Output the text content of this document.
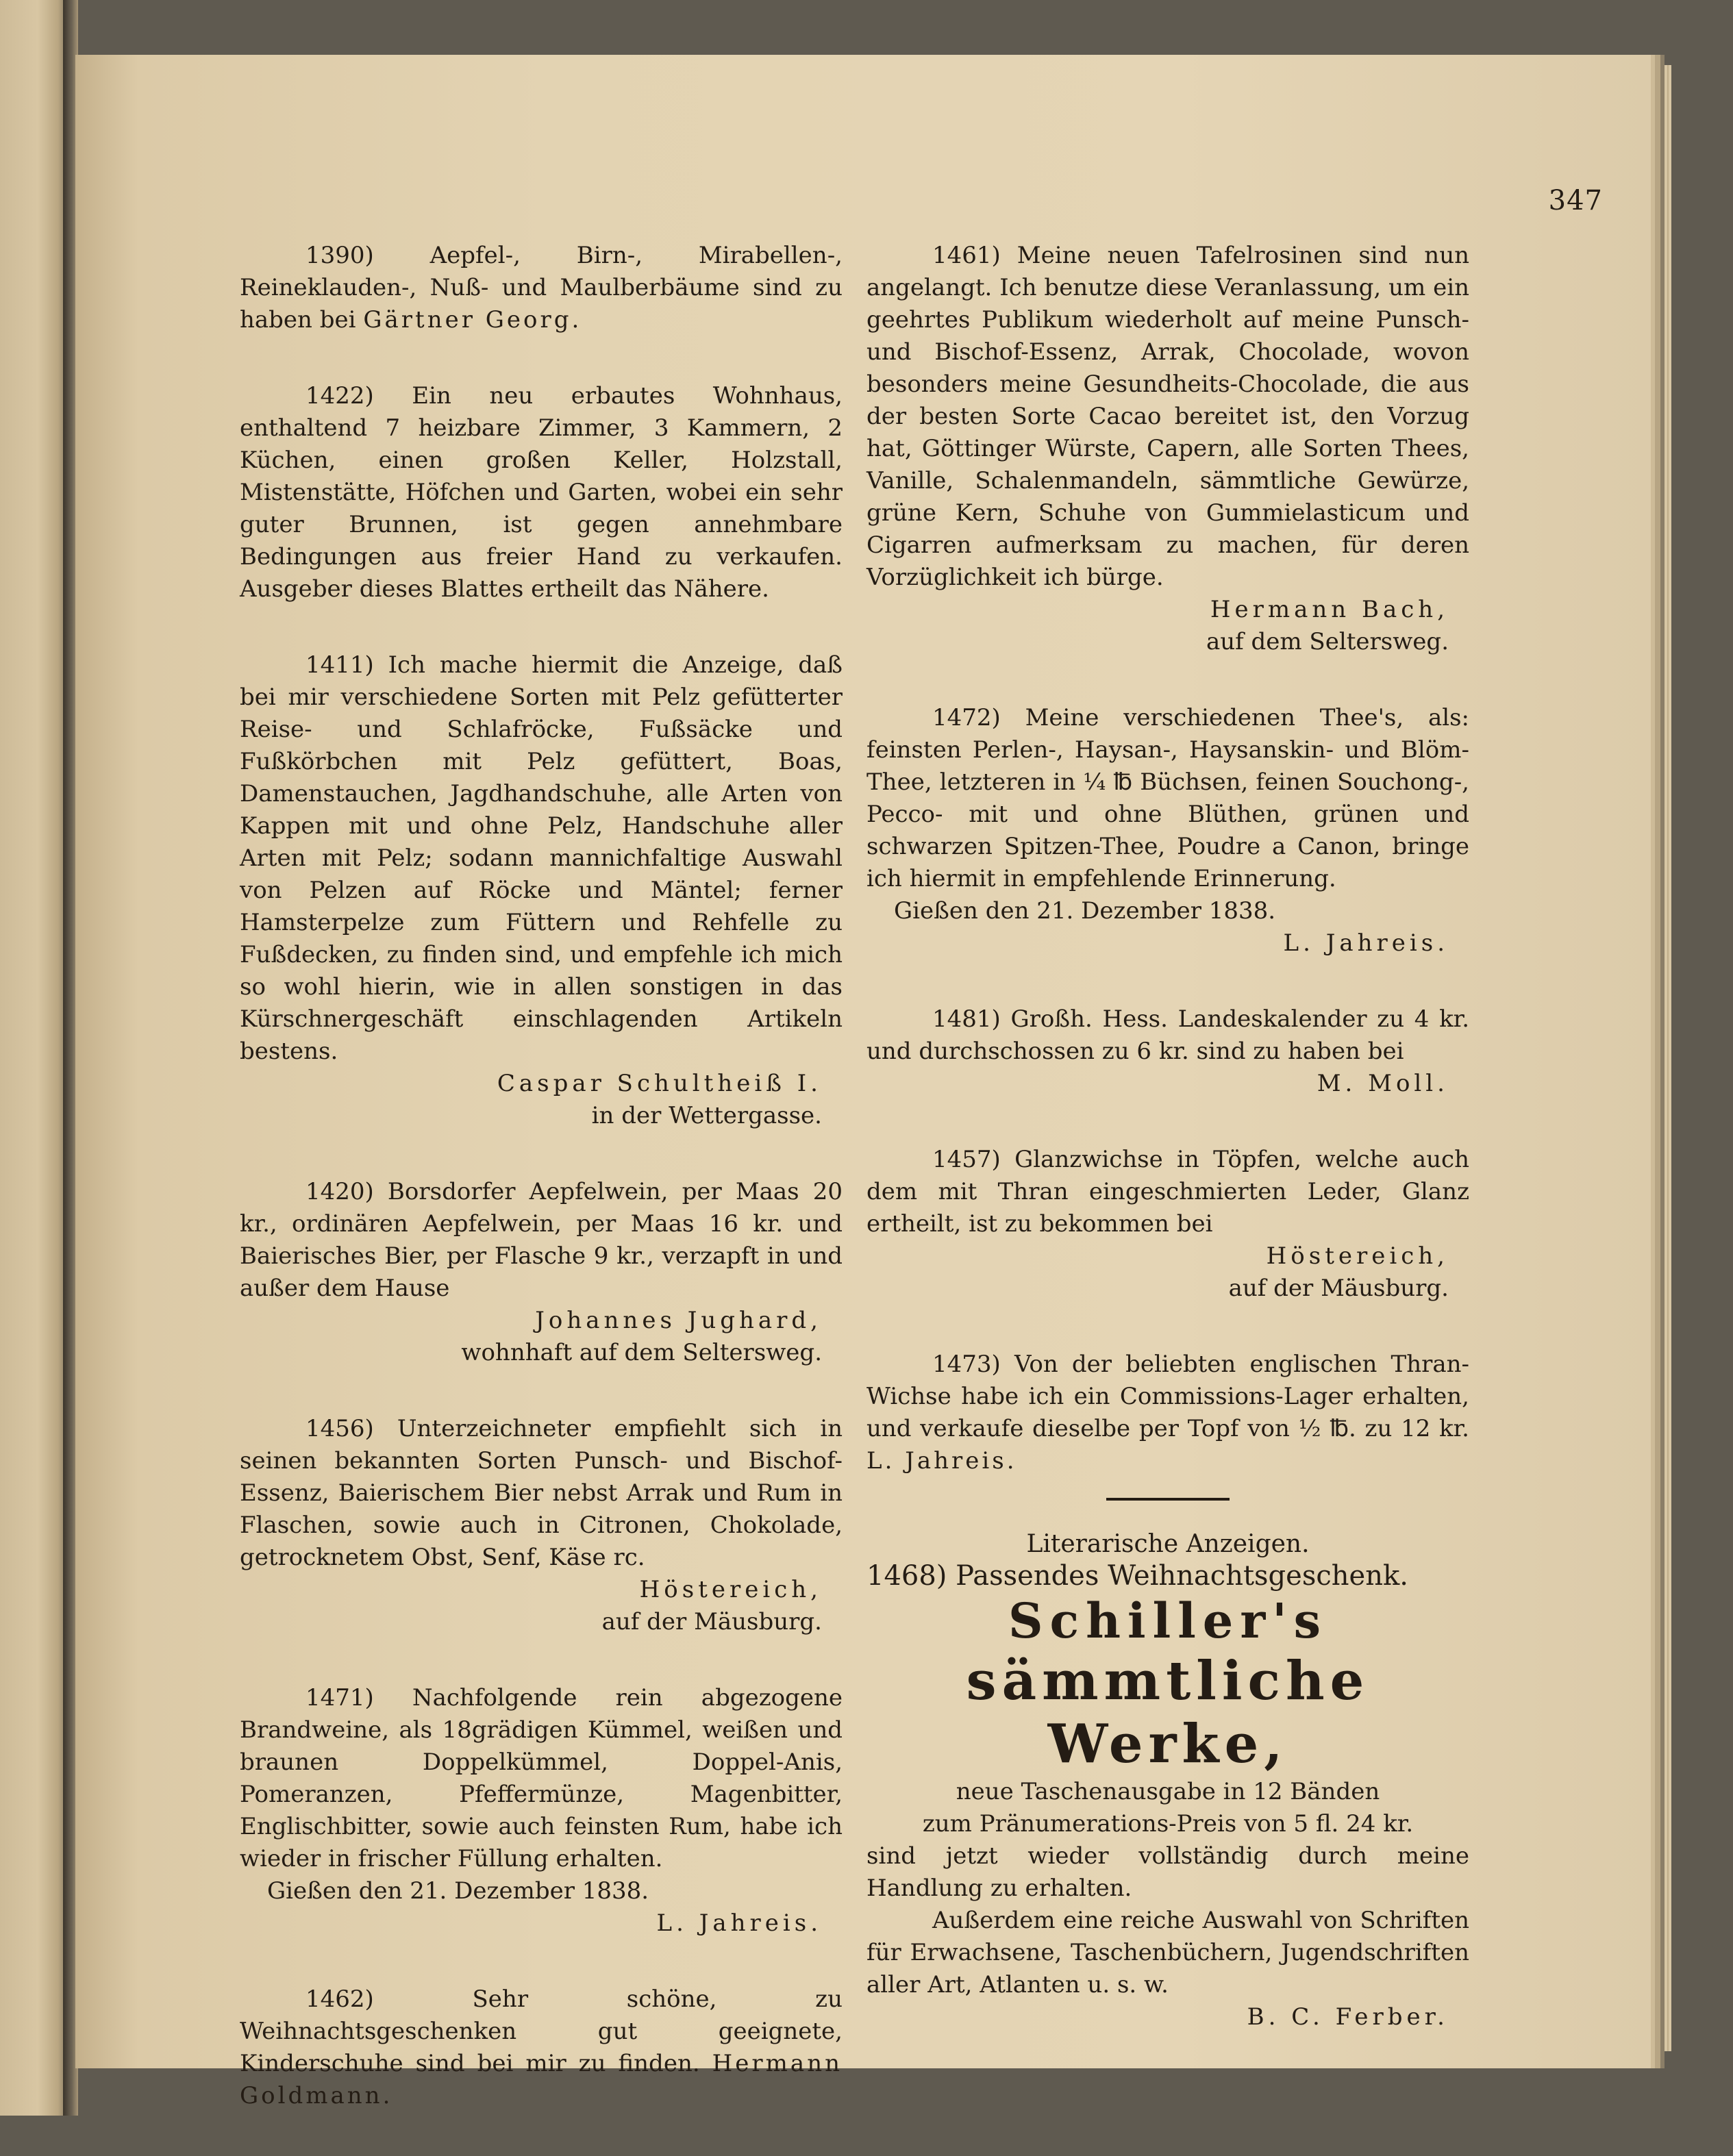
347

1390) Aepfel-, Birn-, Mirabellen-, Reineklauden-, Nuß- und Maulberbäume sind zu haben bei Gärtner Georg.

1422) Ein neu erbautes Wohnhaus, enthaltend 7 heizbare Zimmer, 3 Kammern, 2 Küchen, einen großen Keller, Holzstall, Mistenstätte, Höfchen und Garten, wobei ein sehr guter Brunnen, ist gegen annehmbare Bedingungen aus freier Hand zu verkaufen. Ausgeber dieses Blattes ertheilt das Nähere.

1411) Ich mache hiermit die Anzeige, daß bei mir verschiedene Sorten mit Pelz gefütterter Reise- und Schlafröcke, Fußsäcke und Fußkörbchen mit Pelz gefüttert, Boas, Damenstauchen, Jagdhandschuhe, alle Arten von Kappen mit und ohne Pelz, Handschuhe aller Arten mit Pelz; sodann mannichfaltige Auswahl von Pelzen auf Röcke und Mäntel; ferner Hamsterpelze zum Füttern und Rehfelle zu Fußdecken, zu finden sind, und empfehle ich mich so wohl hierin, wie in allen sonstigen in das Kürschnergeschäft einschlagenden Artikeln bestens.

Caspar Schultheiß I.

in der Wettergasse.

1420) Borsdorfer Aepfelwein, per Maas 20 kr., ordinären Aepfelwein, per Maas 16 kr. und Baierisches Bier, per Flasche 9 kr., verzapft in und außer dem Hause

Johannes Jughard,

wohnhaft auf dem Seltersweg.

1456) Unterzeichneter empfiehlt sich in seinen bekannten Sorten Punsch- und Bischof-Essenz, Baierischem Bier nebst Arrak und Rum in Flaschen, sowie auch in Citronen, Chokolade, getrocknetem Obst, Senf, Käse rc.

Höstereich,

auf der Mäusburg.

1471) Nachfolgende rein abgezogene Brandweine, als 18grädigen Kümmel, weißen und braunen Doppelkümmel, Doppel-Anis, Pomeranzen, Pfeffermünze, Magenbitter, Englischbitter, sowie auch feinsten Rum, habe ich wieder in frischer Füllung erhalten.

Gießen den 21. Dezember 1838.

L. Jahreis.

1462)	Sehr schöne, zu Weihnachtsgeschenken gut geeignete, Kinderschuhe sind bei mir zu finden. Hermann Goldmann.

1461) Meine neuen Tafelrosinen sind nun angelangt. Ich benutze diese Veranlassung, um ein geehrtes Publikum wiederholt auf meine Punsch- und Bischof-Essenz, Arrak, Chocolade, wovon besonders meine Gesundheits-Chocolade, die aus der besten Sorte Cacao bereitet ist, den Vorzug hat, Göttinger Würste, Capern, alle Sorten Thees, Vanille, Schalenmandeln, sämmtliche Gewürze, grüne Kern, Schuhe von Gummielasticum und Cigarren aufmerksam zu machen, für deren Vorzüglichkeit ich bürge.

Hermann Bach,

auf dem Seltersweg.

1472) Meine verschiedenen Thee's, als: feinsten Perlen-, Haysan-, Haysanskin- und Blöm-Thee, letzteren in ¼ ℔ Büchsen, feinen Souchong-, Pecco- mit und ohne Blüthen, grünen und schwarzen Spitzen-Thee, Poudre a Canon, bringe ich hiermit in empfehlende Erinnerung.

Gießen den 21. Dezember 1838.

L. Jahreis.

1481) Großh. Hess. Landeskalender zu 4 kr. und durchschossen zu 6 kr. sind zu haben bei

M. Moll.

1457) Glanzwichse in Töpfen, welche auch dem mit Thran eingeschmierten Leder, Glanz ertheilt, ist zu bekommen bei

Höstereich,

auf der Mäusburg.

1473) Von der beliebten englischen Thran-Wichse habe ich ein Commissions-Lager erhalten, und verkaufe dieselbe per Topf von ½ ℔. zu 12 kr. L. Jahreis.

Literarische Anzeigen.

1468) Passendes Weihnachtsgeschenk.

Schiller's

sämmtliche Werke,

neue Taschenausgabe in 12 Bänden

zum Pränumerations-Preis von 5 fl. 24 kr.

sind jetzt wieder vollständig durch meine Handlung zu erhalten.

Außerdem eine reiche Auswahl von Schriften für Erwachsene, Taschenbüchern, Jugendschriften aller Art, Atlanten u. s. w.

B. C. Ferber.
